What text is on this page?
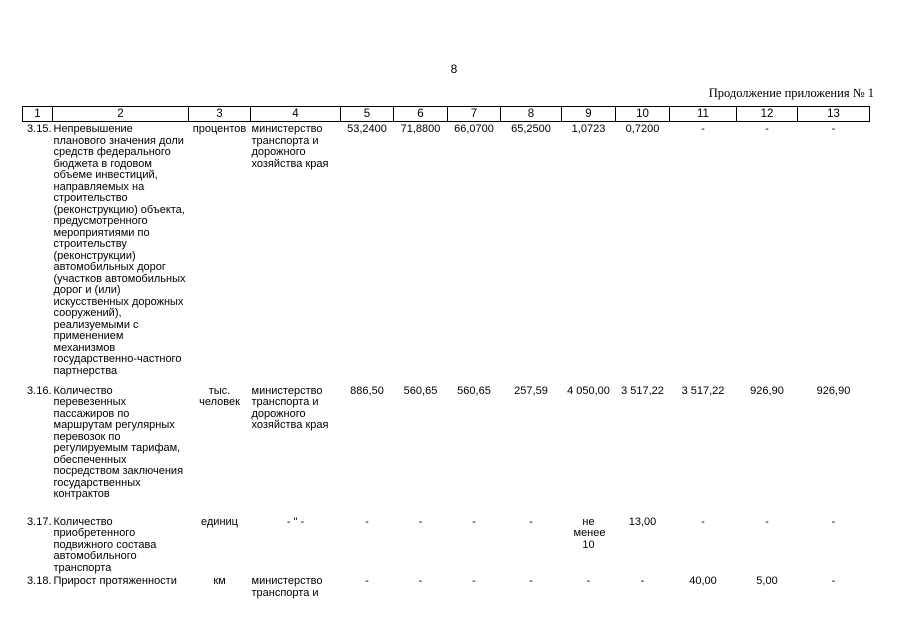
8
Продолжение приложения № 1
1	2	3	4	5	6	7	8	9	10	11	12	13
3.15.	Непревышение планового значения доли средств федерального бюджета в годовом объеме инвестиций, направляемых на строительство (реконструкцию) объекта, предусмотренного мероприятиями по строительству (реконструкции) автомобильных дорог (участков автомобильных дорог и (или) искусственных дорожных сооружений), реализуемыми с применением механизмов государственно-частного партнерства	процентов	министерство транспорта и дорожного хозяйства края	53,2400	71,8800	66,0700	65,2500	1,0723	0,7200	-	-	-
3.16.	Количество перевезенных пассажиров по маршрутам регулярных перевозок по регулируемым тарифам, обеспеченных посредством заключения государственных контрактов	тыс. человек	министерство транспорта и дорожного хозяйства края	886,50	560,65	560,65	257,59	4 050,00	3 517,22	3 517,22	926,90	926,90
3.17.	Количество приобретенного подвижного состава автомобильного транспорта	единиц	- " -	-	-	-	-	не менее 10	13,00	-	-	-
3.18.	Прирост протяженности	км	министерство транспорта и	-	-	-	-	-	-	40,00	5,00	-
